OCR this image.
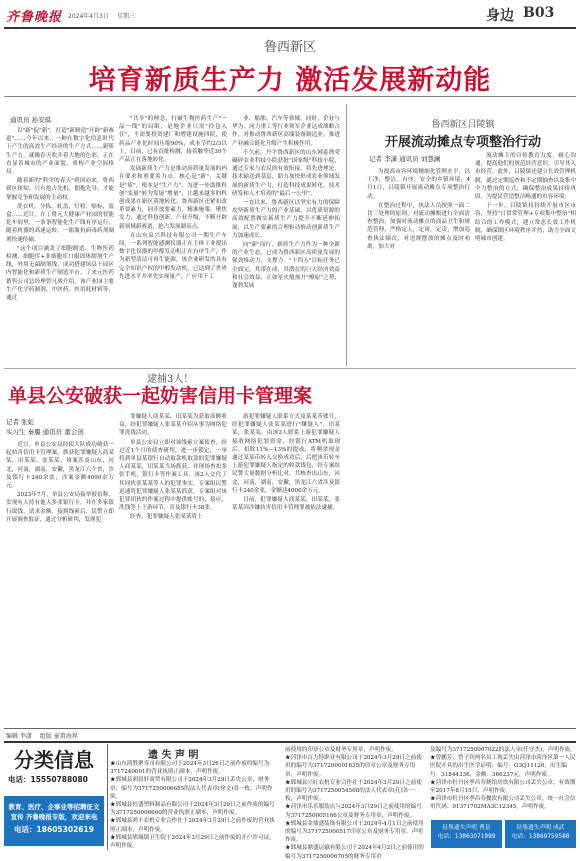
齐鲁晚报 2024年4月3日 星期三	身边 B03
鲁西新区
培育新质生产力 激活发展新动能
通讯员 孙安琪

以"新"促"新"，打造"新制造"开辟"新赛道"……今年以来，一种在数字化信息时代下产生的高效生产经济的生产方式……新质生产力，就像春天吹开着大地的色彩，正在直显着城市的产业面貌，重构产业空间格局。

随着新的"科学的春天"到国而来，鲁西新区探知，只有抢占先机，拥抱先导，才能掌握竞争和发展的主动权。

洗衣机，分拣，轧盖，灯检，贴标，装盒……近日，在丁鲁元大健康产业园的智能化车间里，一条条智能化生产线有序运行，随着机器的高速运转，一瓶瓶抗病毒药剂制剂快速传输。

"这个项目涵盖了细胞制造、生物医药检测、细胞库+非细胞库口服固体制剂生产线，外用无菌制剂线，成功搭建场县于园区内智能化和新质生产制造平台，了来元医药销售公司总经理曾凡战介绍，该产业园主要生产化学药制剂、中医药、医用耗材料等，通过

"共享"的理念，打破生物医药生产"一品一线"的局限，是地企业只需"拎包入住"，不需要投资建厂和增建设施四院，使药品产业化时间压缩90%，成本节约2/3以上，目前，已有首批检测，接着触等近30个产品正在落地转化。

发展新质生产力是推动高质量发展的内在要求和重要着力点，核心是"新"，关键是"质"，根本是"生产力"。为进一步助推科创"变量"转为发展"增量"，让越来越多的科创成果在新区落地转化，鲁西新区还紧扣改革要素力，同开放要素力，精准施策，聚焦发力，通过科技创新，产业升级，不断开辟新领域新赛道，抢占发展制高点。

在山东泉兴科技有限公司一期生产车间，一系列智能感测仪器正在主体工业提出数字化仪器的甲醇发动机正在有序生产，作为新型清洁可再生能源，该企业研发的具有完全知识产权的甲醇发动机，已达到了世界先进水平并率先实现量产，广应用于工

业、船舶、汽车等领域。同时，企业与华为，同力重工等行业领军企业达成战略合作，对推动鲁西新区高端装备制造业，推进产业融合链化升级产生积极作用。

不久前，丹平鲁西新区的山东网泰渔荣碾碎农业科技小院获批"国家级"科技小院，通过专家与农民的有效衔接，将先进理论，技术输送到基层，助力加快形成农业领域发展的新质生产力，打造科技成果转化，技术研发和人才培养的"最后一公里"。

一直以来，鲁西新区以坚实有力的保障攻坚新质生产力的产业基础，以优质资源的高效配置做实新质生产力提升不断延伸拓展，以生产要素的合理驱动推动创新质生产力加速成长。

向"新"而行，新质生产力作为一种全新的产业生态，已成为鲁西新区高质量发展的强劲推动力，支撑力。"十四五"目标任务已全面完，其带在成，其潜在的巨大经济效益和社会效益，正如星火般预开"燎原"之势，蓬勃发展

鲁西新区吕陵镇
开展流动摊点专项整治行动
记者 李潇 通讯员 刘慧澜

为提高市容环境精细化管理水平，以干净，整洁，有序，安全的乡镇环境，4月1日，吕陵镇开展流动摊点专项整治行动。

在整治过程中，执法人员按照一面二切三处理的原则，对流动摊贩进行全面清查整治，加强对流动摊点的商品卫生和规范管理，严格定人，定岗，定责，增加巡查执法频次，对违规摆放的摊点及时劝离，加大对

流动摊主的宣传教育力度，耐心沟通，提高他们的规范经营意识，引导其入市经营。此外，吕陵镇还建立长效管理机制，通过定期巡查和不定期抽查以及集中全力整治的方式，确保整治成果持续巩固，为提民营造整洁畅通的市容环境。

下一步，吕陵镇将持续开展市区市容，坚持"日常常管理+专项集中整治"相结合的工作模式，建立常态长效工作机制，确保镇区环境秩序井然，助力全面文明城市创建。

逮捕3人！
单县公安破获一起妨害信用卡管理案
记者 张虹
实习生 秦璐 通讯员 董会创

近日，单县公安局经侦大队成功破获一起妨害信用卡管理案，抓获犯罪嫌疑人商某某，田某某，张某某，该案涉及山东，河北，河南，湖南，安徽，黑龙江六个省，涉及银行卡240余张，涉案金额4000余万元。

2023年7月，单县公安局接举报信称，发现有人持有他人多张银行卡，并在多家银行取钱、请求金额，接到线索后，民警立即开展调查取证，通过分析研判，发现犯

罪嫌疑人商某某，田某某为获取高额收益，经犯罪嫌疑人张某某介绍从事为网络犯罪洗钱活动。

单县公安局立即对该线索立案侦查，经过近1个月的侦查研判，进一步锁定，一举将到单县某银行自动取款机取款的犯罪嫌疑人商某某，田某某当场抓获，并现场查扣多张手机，银行卡等作案工具，该2人交代了其同伙张某某等人的犯罪事实，专案组民警迅速将犯罪嫌疑人张某某抓获，专案组对该犯罪团伙的作案过程中提供账号的，接应，洗钱等上下游环节，涉及银行卡38张。

经查，犯罪嫌疑人张某某将上

游犯罪嫌疑人联系方式及某某币账号，经犯罪嫌疑人张某某进行"嫌疑人"，田某某，张某某，由该2人联系上游犯罪嫌疑人接收网络犯罪资金，经银行ATM机取现后，扣除11%—13%的提成，将剩余现金通过某某币转入交换成功后，后把该币转至上游犯罪嫌疑人指定的收款钱包，经专案组民警大量数据分析比对，共核查出山东，河北，河南，湖南，安徽，黑龙江六省涉及银行卡240余张，金额达4000余万元。

目前，犯罪嫌疑人商某某，田某某，张某某因涉嫌妨害信用卡管理罪被依法逮捕。

编辑 李潇 组版 童甫海界
分类信息
电话：15550788080
教育、医疗、企事业等招聘征文宣传 齐鲁晚报专版，欢迎来电
电话：18605302619
遗 失 声 明
★山东鸿胜聚寿司有限公司于2024年3月26日之前作废的编号为3717240001的营业执照正副本，声明作废。
★郓城县润晨轩商贸有限公司于2024年3月29日丢失公章、财务章，编号为3717250006685的法人代表章(徐文)各一枚，声明作废。
★郓城县恒盛塑料制品有限公司于2024年3月29日之前作废的编号为3717250006660的营业执照正副本，声明作废。
★郓城县鸿丰农机专业合作社于2024年3月29日之前作废的营业执照正副本，声明作废。
★郓城县郓城镇卫生院于2024年3月29日之前作废的开户许可证，声明作废。
前使用的印章公章及财务专用章，声明作废。
★菏泽市百力特职业有限公司于2024年3月29日之前使用的编号为3717200001635的印章公章及财务专用章，声明作废。
★郓城县兴旺农机专业合作社于2024年3月29日之前使用的编号为3717250054568的法人代表章(孔)各一枚，声明作废。
★菏泽市乐乐服装店与2024年3月29日之前使用的编号为3717250005166公章及财务专用章，声明作废。
★郓城县金鼎盛装饰有限公司于2024年4月1日之前使用的编号为371725000517印章公章及财务专用章，声明作废。
★郓城县鼎盛运输有限公司于2024年4月2日之前使用的编号为3717250006705的财务专用章
及编号为3717250007022的法人章(任守杰)，声明作废。
★曾鹏芳，曾子钊两名员工现丢失由菏泽市菏泽区第一人民医院开具的出生医学证明，编号：O3Q11126，出生编号：31844336，金额：366237元，声明作废。
★菏泽市牡丹区季昌寿烧馆房饮有限公司丢失公章，有效期至2017年8月15日，声明作废。
★菏泽市牡丹区季昌寿餐饮有限公司丢失公章，统一社会信用代码：91371702MA3C12345，声明作废。
征集遗失声明 曹县
电话：13863071999
征集遗失声明 成武
电话：13869759588
